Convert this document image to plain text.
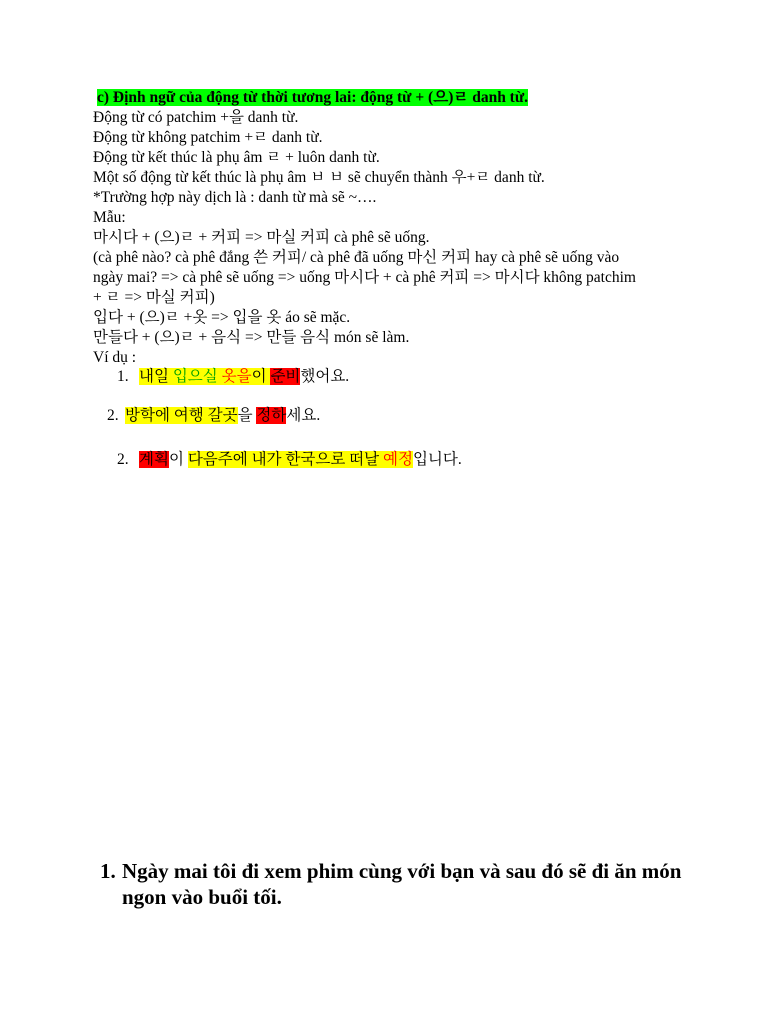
c) Định ngữ của động từ thời tương lai: động từ + (으)ㄹ danh từ.
Động từ có patchim +을 danh từ.
Động từ không patchim +ㄹ danh từ.
Động từ kết thúc là phụ âm ㄹ + luôn danh từ.
Một số động từ kết thúc là phụ âm ㅂ ㅂ sẽ chuyển thành 우+ㄹ danh từ.
*Trường hợp này dịch là : danh từ mà sẽ ~….
Mẫu:
마시다 + (으)ㄹ + 커피 => 마실 커피 cà phê sẽ uống.
(cà phê nào? cà phê đắng 쓴 커피/ cà phê đã uống 마신 커피 hay cà phê sẽ uống vào
ngày mai? => cà phê sẽ uống => uống 마시다 + cà phê 커피 => 마시다 không patchim
+ ㄹ => 마실 커피)
입다 + (으)ㄹ +옷 => 입을 옷 áo sẽ mặc.
만들다 + (으)ㄹ + 음식 => 만들 음식 món sẽ làm.
Ví dụ :
1. 내일 입으실 옷을이 준비했어요.
2. 방학에 여행 갈곳을 정하세요.
2. 계획이 다음주에 내가 한국으로 떠날 예정입니다.
1. Ngày mai tôi đi xem phim cùng với bạn và sau đó sẽ đi ăn món ngon vào buổi tối.
